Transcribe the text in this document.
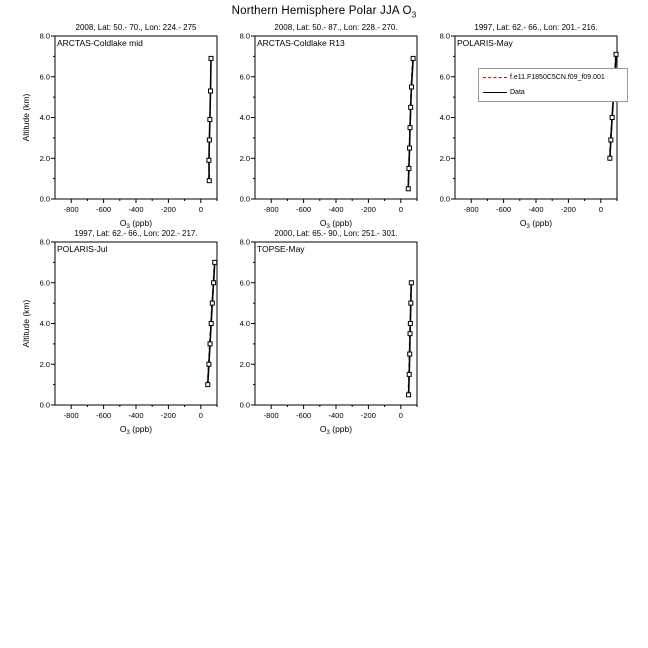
Northern Hemisphere Polar JJA $O_3$
2008, Lat: 50.- 70., Lon: 224.- 275
-800 -600 -400 -200	0
0.0
2.0
4.0
6.0
8.0
$O_3$ (ppb)
Altitude (km)
ARCTAS-Coldlake mid
2008, Lat: 50.- 87., Lon: 228.- 270.
-800 -600 -400 -200	0
0.0
2.0
4.0
6.0
8.0
$O_3$ (ppb)
ARCTAS-Coldlake R13
1997, Lat: 62.- 66., Lon: 201.- 216.
-800 -600 -400 -200	0
0.0
2.0
4.0
6.0
8.0
$O_3$ (ppb)
POLARIS-May
f.e11.F1850C5CN.f09_f09.001
Data
1997, Lat: 62.- 66., Lon: 202.- 217.
-800 -600 -400 -200	0
0.0
2.0
4.0
6.0
8.0
$O_3$ (ppb)
Altitude (km)
POLARIS-Jul
2000, Lat: 65.- 90., Lon: 251.- 301.
-800 -600 -400 -200	0
0.0
2.0
4.0
6.0
8.0
$O_3$ (ppb)
TOPSE-May
